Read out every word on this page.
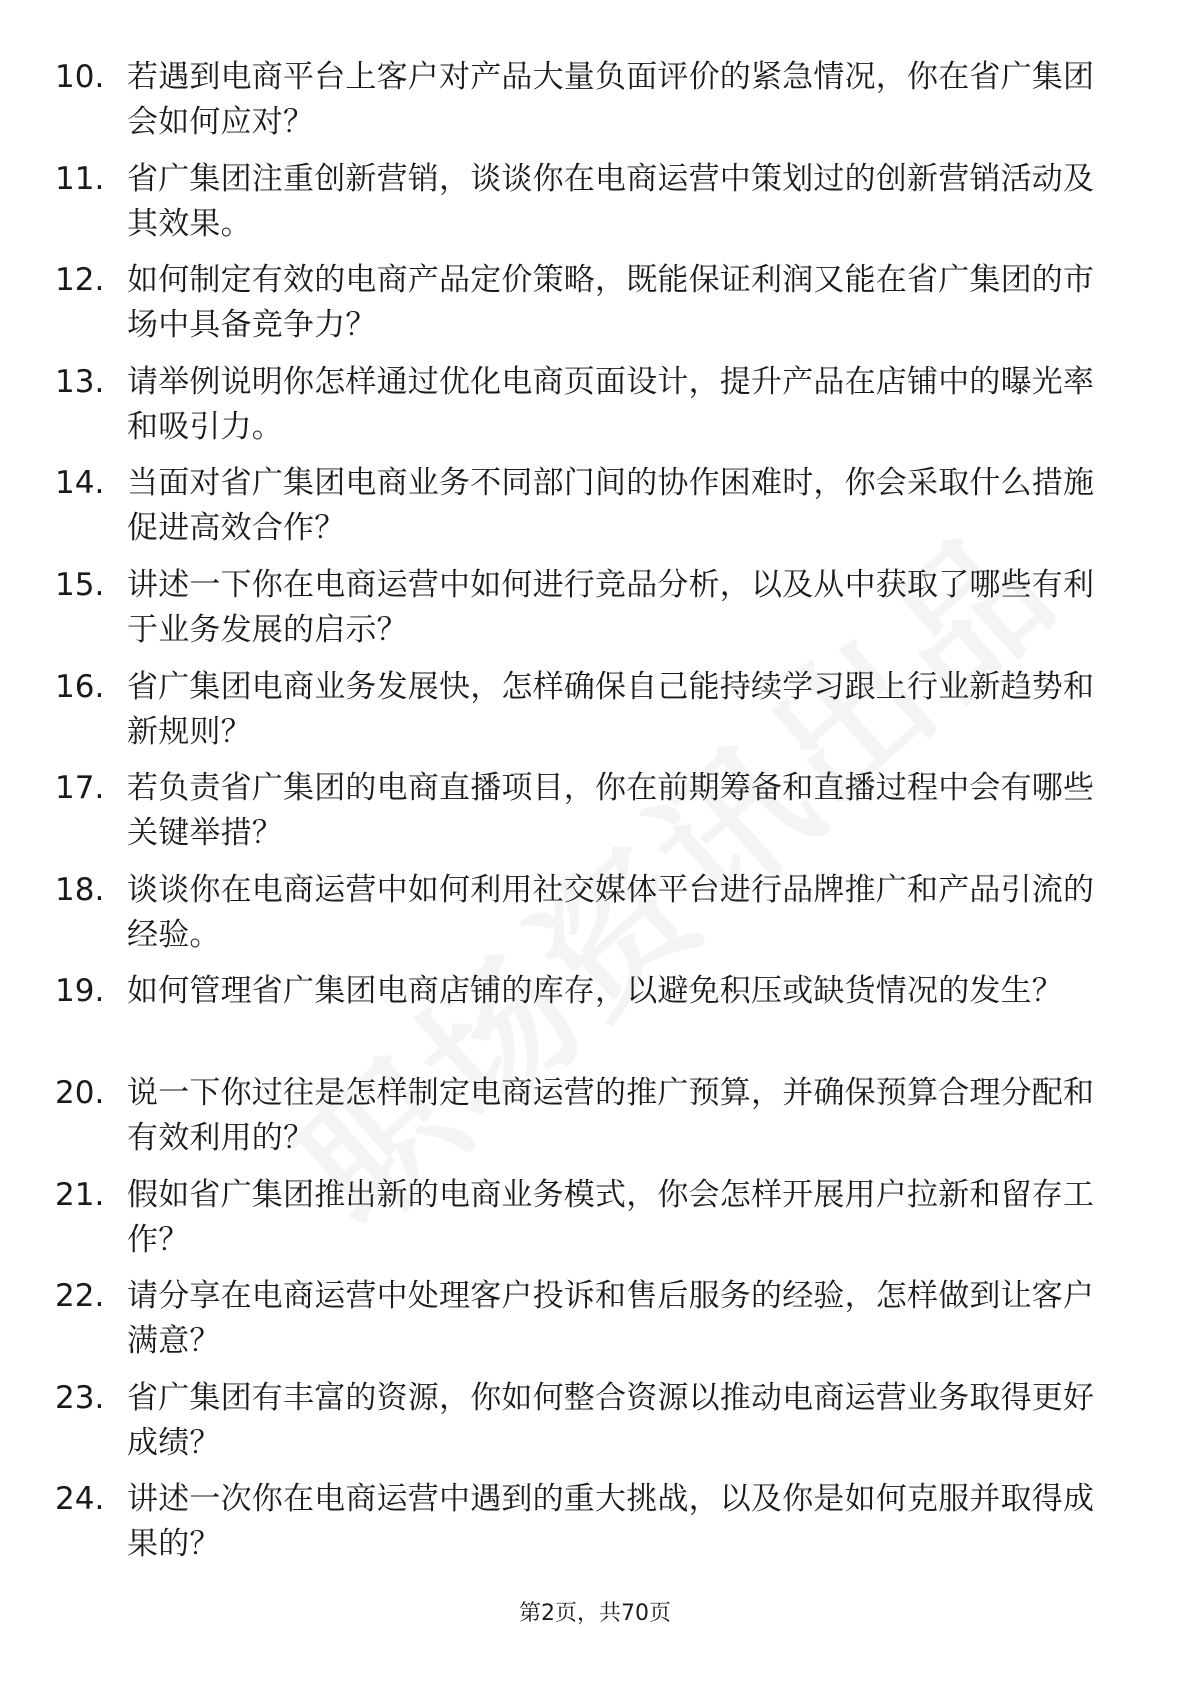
10. 若遇到电商平台上客户对产品大量负面评价的紧急情况，你在省广集团会如何应对？
11. 省广集团注重创新营销，谈谈你在电商运营中策划过的创新营销活动及其效果。
12. 如何制定有效的电商产品定价策略，既能保证利润又能在省广集团的市场中具备竞争力？
13. 请举例说明你怎样通过优化电商页面设计，提升产品在店铺中的曝光率和吸引力。
14. 当面对省广集团电商业务不同部门间的协作困难时，你会采取什么措施促进高效合作？
15. 讲述一下你在电商运营中如何进行竞品分析，以及从中获取了哪些有利于业务发展的启示？
16. 省广集团电商业务发展快，怎样确保自己能持续学习跟上行业新趋势和新规则？
17. 若负责省广集团的电商直播项目，你在前期筹备和直播过程中会有哪些关键举措？
18. 谈谈你在电商运营中如何利用社交媒体平台进行品牌推广和产品引流的经验。
19. 如何管理省广集团电商店铺的库存，以避免积压或缺货情况的发生？
20. 说一下你过往是怎样制定电商运营的推广预算，并确保预算合理分配和有效利用的？
21. 假如省广集团推出新的电商业务模式，你会怎样开展用户拉新和留存工作？
22. 请分享在电商运营中处理客户投诉和售后服务的经验，怎样做到让客户满意？
23. 省广集团有丰富的资源，你如何整合资源以推动电商运营业务取得更好成绩？
24. 讲述一次你在电商运营中遇到的重大挑战，以及你是如何克服并取得成果的？
第2页，共70页
